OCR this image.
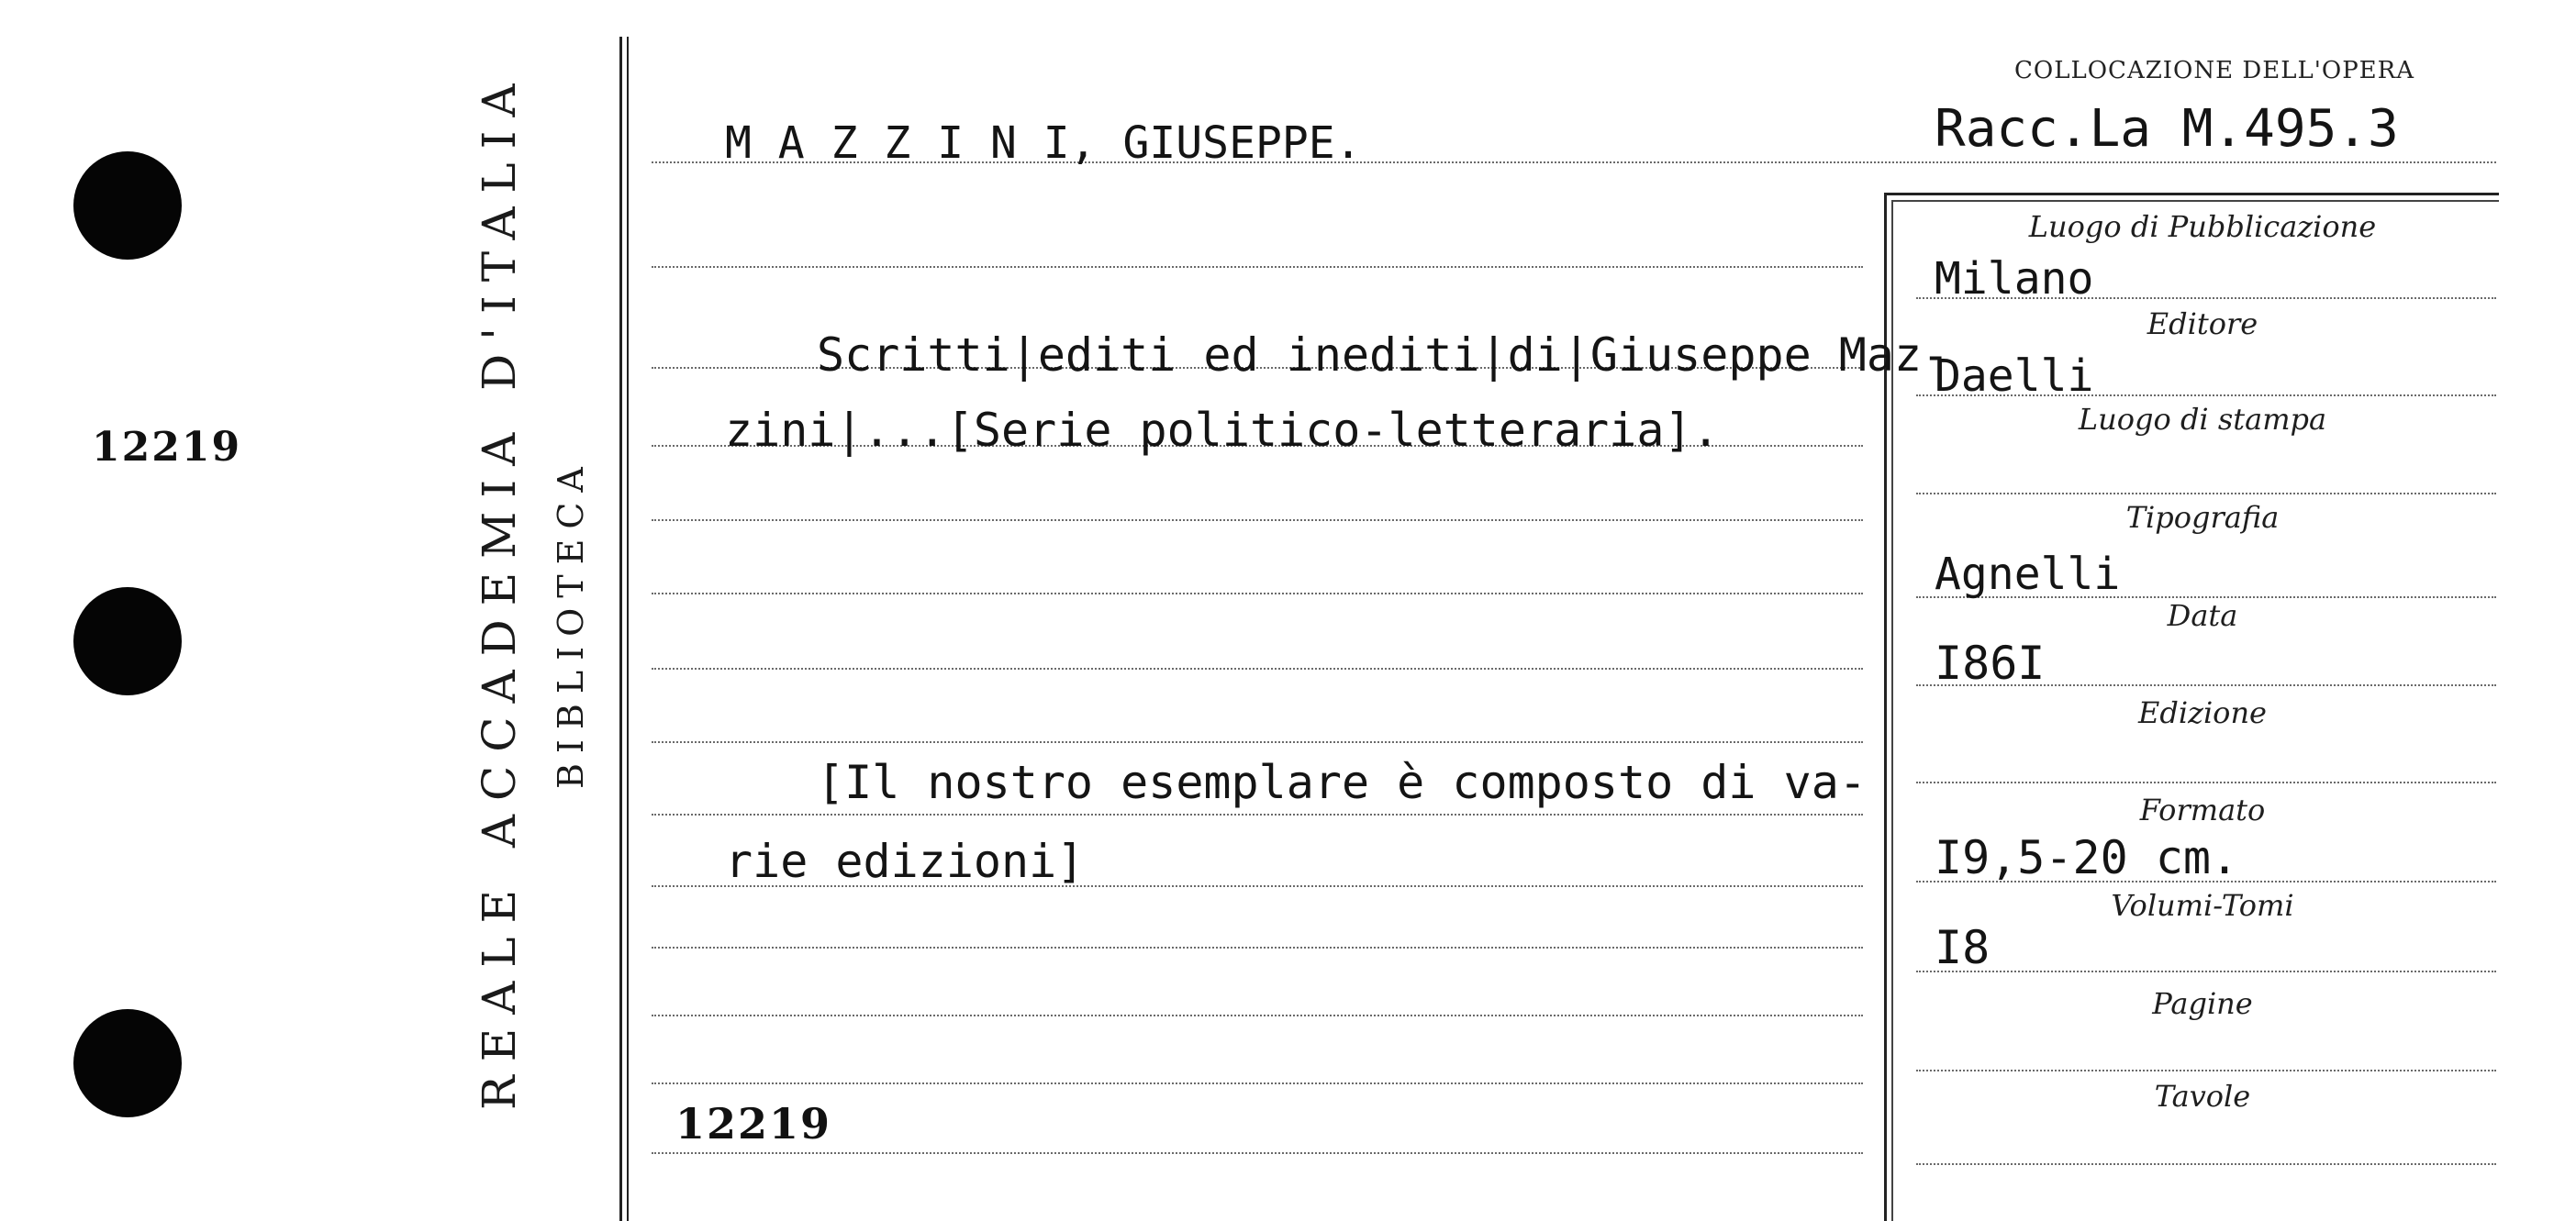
12219	REALE ACCADEMIA D'ITALIA BIBLIOTECA
COLLOCAZIONE DELL'OPERA
Racc.La M.495.3
M A Z Z I N I, GIUSEPPE.
Scritti|editi ed inediti|di|Giuseppe Maz-
zini|...[Serie politico-letteraria].
[Il nostro esemplare è composto di va-
rie edizioni]
12219
Luogo di Pubblicazione
Editore
Luogo di stampa
Tipografia
Data
Edizione
Formato
Volumi-Tomi
Pagine
Tavole
Milano
Daelli
Agnelli
I86I
I9,5-20 cm.
I8
